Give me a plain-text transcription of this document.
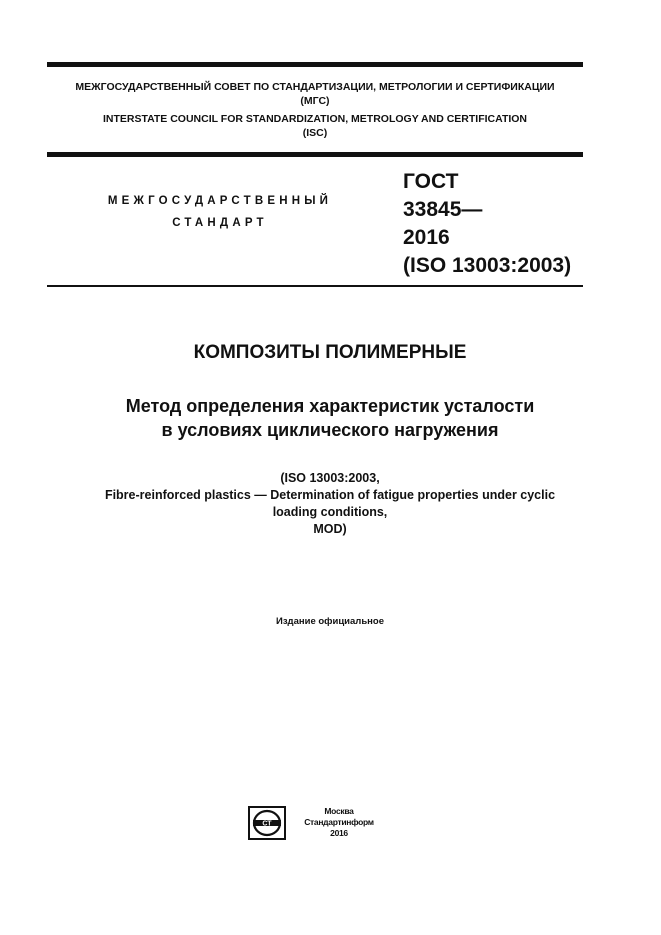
МЕЖГОСУДАРСТВЕННЫЙ СОВЕТ ПО СТАНДАРТИЗАЦИИ, МЕТРОЛОГИИ И СЕРТИФИКАЦИИ
(МГС)
INTERSTATE COUNCIL FOR STANDARDIZATION, METROLOGY AND CERTIFICATION
(ISC)
МЕЖГОСУДАРСТВЕННЫЙ
СТАНДАРТ
ГОСТ
33845—
2016
(ISO 13003:2003)
КОМПОЗИТЫ ПОЛИМЕРНЫЕ
Метод определения характеристик усталости
в условиях циклического нагружения
(ISO 13003:2003,
Fibre-reinforced plastics — Determination of fatigue properties under cyclic
loading conditions,
MOD)
Издание официальное
СТ
Москва
Стандартинформ
2016
